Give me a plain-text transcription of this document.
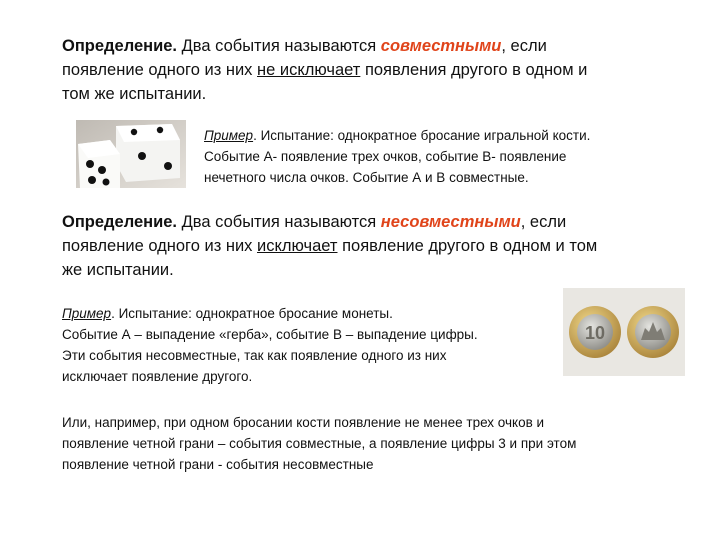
Определение. Два события называются совместными, если

появление одного из них не исключает появления другого в одном и

том же испытании.

Пример. Испытание: однократное бросание игральной кости.

Событие А- появление трех очков, событие В- появление

нечетного числа очков. Событие А и В совместные.

Определение. Два события называются несовместными, если

появление одного из них исключает появление другого в одном и том

же испытании.

Пример. Испытание: однократное бросание монеты.

Событие А – выпадение «герба», событие В – выпадение цифры.

Эти события несовместные, так как появление одного из них

исключает появление другого.

10

Или, например, при одном бросании кости появление не менее трех очков и

появление четной грани – события совместные, а появление цифры 3 и при этом

появление четной грани - события несовместные
